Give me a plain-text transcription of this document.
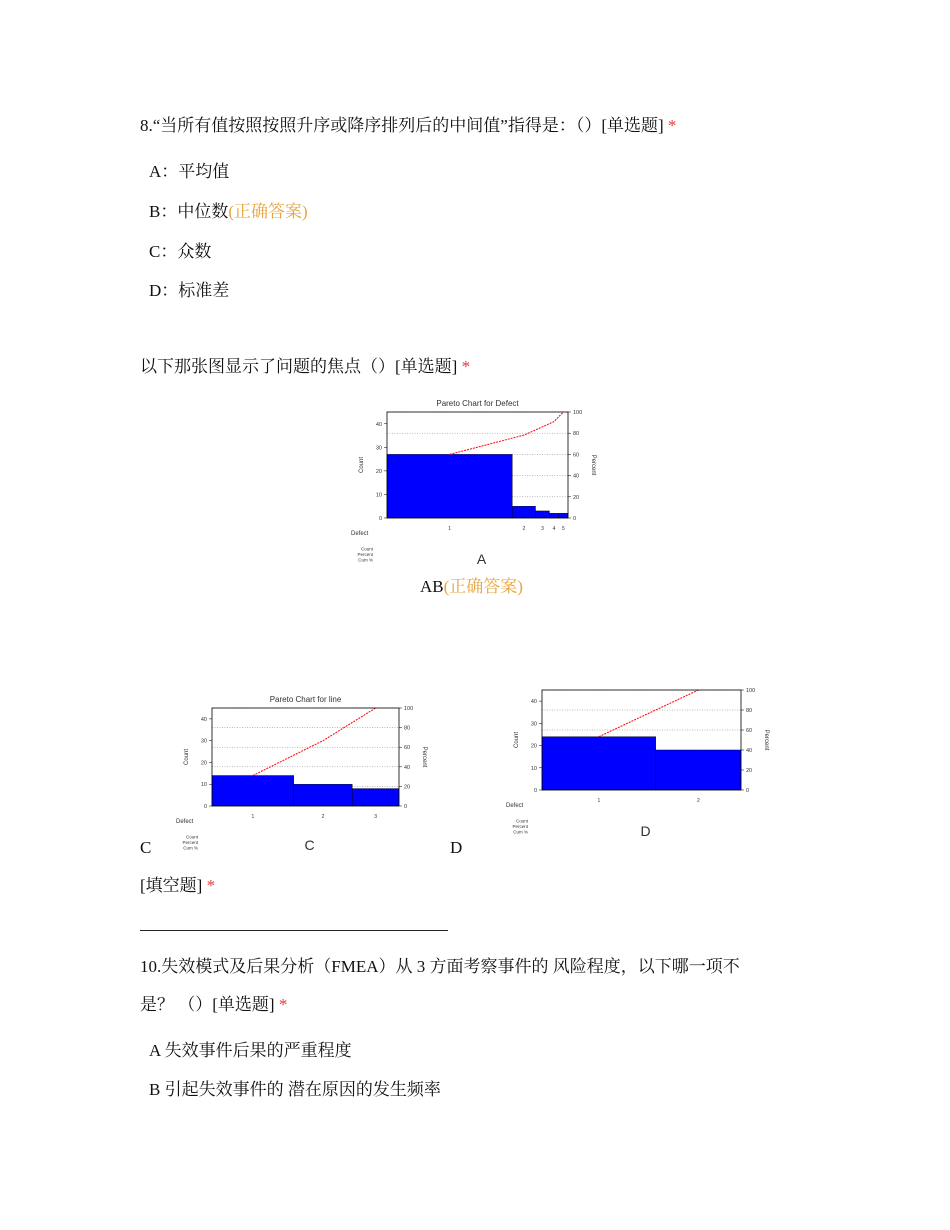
8.“当所有值按照按照升序或降序排列后的中间值”指得是：（）[单选题] *
A：平均值
B：中位数(正确答案)
C：众数
D：标准差
以下那张图显示了问题的焦点（）[单选题] *
Pareto Chart for Defect
1	2	3 4 5
0
10
20
30
40
0
20
40
60
80
100
Count	Percent
Defect
Count
Percent
Cum %	A
AB(正确答案)
Pareto Chart for line
1	2	3
0
10
20
30
40
0
20
40
60
80
100
Count	Percent
Defect
Count
Percent
Cum %	C
1	2
0
10
20
30
40
0
20
40
60
80
100
Count	Percent
Defect
Count
Percent
Cum %	D
C	D
[填空题] *
10.失效模式及后果分析（FMEA）从 3 方面考察事件的 风险程度，以下哪一项不
是？ （）[单选题] *
A 失效事件后果的严重程度
B 引起失效事件的 潜在原因的发生频率
